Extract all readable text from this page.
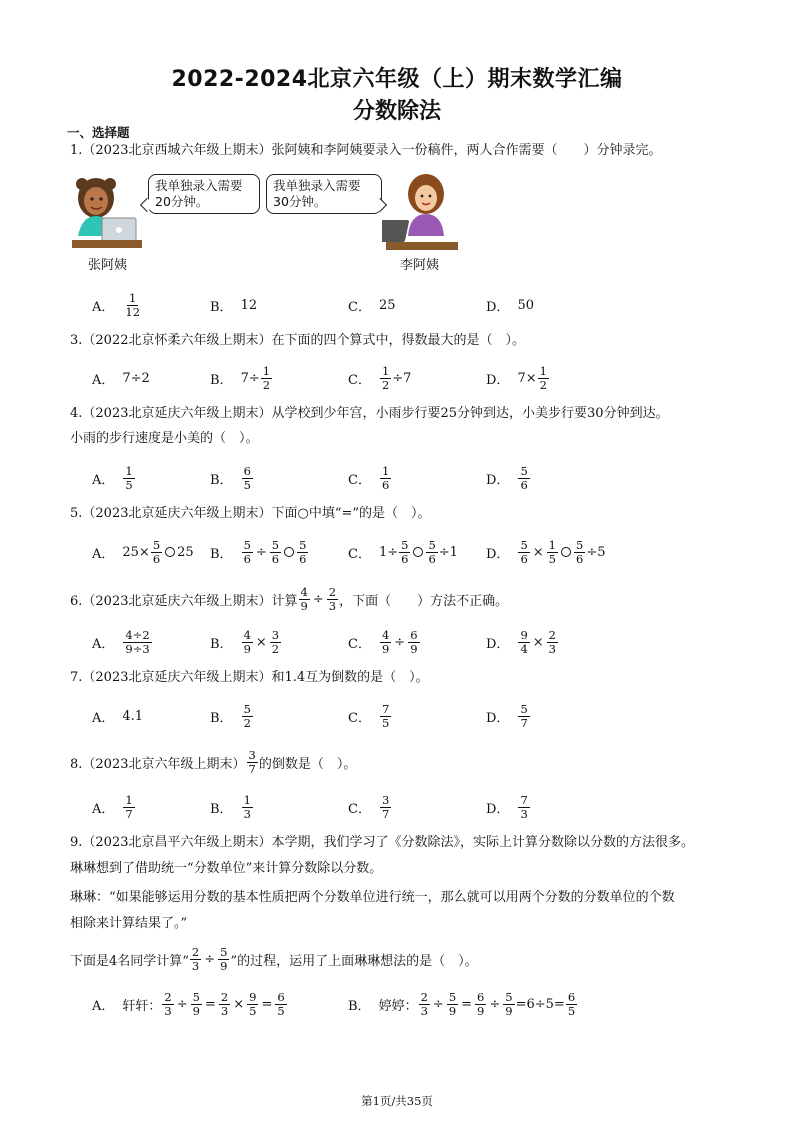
2022-2024北京六年级（上）期末数学汇编
分数除法
一、选择题
1.（2023北京西城六年级上期末）张阿姨和李阿姨要录入一份稿件，两人合作需要（　　）分钟录完。
我单独录入需要
20分钟。
我单独录入需要
30分钟。
张阿姨	李阿姨
A． $\frac{1}{12}$	B． 12	C． 25	D． 50
3.（2022北京怀柔六年级上期末）在下面的四个算式中，得数最大的是（　）。
A． 7÷2	B． $7\div \frac{1}{2}$	C． $\frac{1}{2} \div 7$	D． $7\times \frac{1}{2}$
4.（2023北京延庆六年级上期末）从学校到少年宫，小雨步行要25分钟到达，小美步行要30分钟到达。
小雨的步行速度是小美的（　）。
A． $\frac{1}{5}$	B． $\frac{6}{5}$	C． $\frac{1}{6}$	D． $\frac{5}{6}$
5.（2023北京延庆六年级上期末）下面○中填“=”的是（　）。
A． $25\times \frac{5}{6} 25$ B． $\frac{5}{6} \div \frac{5}{6} \frac{5}{6}$	C． $1\div \frac{5}{6} \frac{5}{6} \div 1$ D． $\frac{5}{6} \times \frac{1}{5} \frac{5}{6} \div 5$
6.（2023北京延庆六年级上期末）计算 $\frac{4}{9} \div \frac{2}{3}$ ，下面（　　）方法不正确。
A． $\frac{4\div 2}{9\div 3}$	B． $\frac{4}{9} \times \frac{3}{2}$	C． $\frac{4}{9} \div \frac{6}{9}$	D． $\frac{9}{4} \times \frac{2}{3}$
7.（2023北京延庆六年级上期末）和1.4互为倒数的是（　）。
A． 4.1	B． $\frac{5}{2}$	C． $\frac{7}{5}$	D． $\frac{5}{7}$
8.（2023北京六年级上期末） $\frac{3}{7}$ 的倒数是（　）。
A． $\frac{1}{7}$	B． $\frac{1}{3}$	C． $\frac{3}{7}$	D． $\frac{7}{3}$
9.（2023北京昌平六年级上期末）本学期，我们学习了《分数除法》，实际上计算分数除以分数的方法很多。
琳琳想到了借助统一“分数单位”来计算分数除以分数。
琳琳：“如果能够运用分数的基本性质把两个分数单位进行统一，那么就可以用两个分数的分数单位的个数
相除来计算结果了。”
下面是4名同学计算“ $\frac{2}{3} \div \frac{5}{9}$ ”的过程，运用了上面琳琳想法的是（　）。
A． 轩轩： $\frac{2}{3} \div \frac{5}{9} = \frac{2}{3} \times \frac{9}{5} = \frac{6}{5}$	B． 婷婷： $\frac{2}{3} \div \frac{5}{9} = \frac{6}{9} \div \frac{5}{9} =6\div 5= \frac{6}{5}$
第1页/共35页
